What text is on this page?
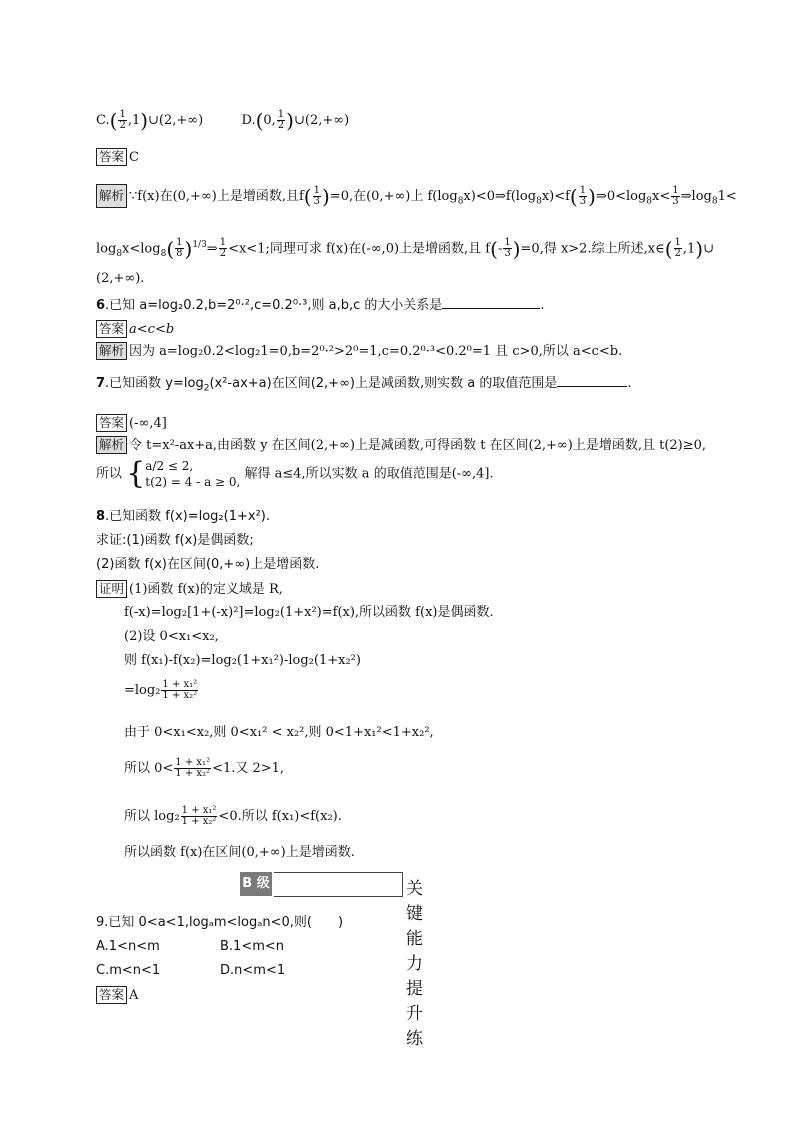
$C.( \frac{1}{2}$ ,1)∪(2,+∞)	D.(0, $\frac{1}{2}$ )∪(2,+∞)
答案 C
解析 ∵f(x)在(0,+∞)上是增函数,且$f( \frac{1}{3} )=0$,在(0,+∞)上 $f(\log_8x)<0\Rightarrow f(\log_8x)<f( \frac{1}{3}$ )$\Rightarrow 0<\log_8x< \frac{1}{3}$ $\Rightarrow\log_81<$
$\log_8x<\log_8( \frac{1}{8}$ )$^{1/3}\Rightarrow \frac{1}{2} <x<1$;同理可求 f(x)在(-∞,0)上是增函数,且 $f(- \frac{1}{3} )=0$,得 x>2.综上所述,x∈( $\frac{1}{2}$ ,1)∪
(2,+∞).
6.已知 a=log₂0.2,b=2⁰·²,c=0.2⁰·³,则 a,b,c 的大小关系是	.
答案 a<c<b
解析 因为 a=log₂0.2<log₂1=0,b=2⁰·²>2⁰=1,c=0.2⁰·³<0.2⁰=1 且 c>0,所以 a<c<b.
7.已知函数 $y=\log_2(x^2-ax+a)$在区间(2,+∞)上是减函数,则实数 a 的取值范围是	.
答案 (-∞,4]
解析 令 t=x²-ax+a,由函数 y 在区间(2,+∞)上是减函数,可得函数 t 在区间(2,+∞)上是增函数,且 t(2)≥0,
所以 { a/2 ≤ 2,
t(2) = 4 - a ≥ 0,
解得 a≤4,所以实数 a 的取值范围是(-∞,4].
8.已知函数 f(x)=log₂(1+x²).
求证:(1)函数 f(x)是偶函数;
(2)函数 f(x)在区间(0,+∞)上是增函数.
证明 (1)函数 f(x)的定义域是 R,
f(-x)=log₂[1+(-x)²]=log₂(1+x²)=f(x),所以函数 f(x)是偶函数.
(2)设 0<x₁<x₂,
则 f(x₁)-f(x₂)=log₂(1+x₁²)-log₂(1+x₂²)
$=\log_2 \frac{\text{1 + x₁²}}{\text{1 + x₂²}}$
由于 0<x₁<x₂,则 0<x₁² < x₂²,则 0<1+x₁²<1+x₂²,
所以 $0< \frac{\text{1 + x₁²}}{\text{1 + x₂²}} <1$.又 2>1,
所以 $\log_2 \frac{\text{1 + x₁²}}{\text{1 + x₂²}} <0$.所以 f(x₁)<f(x₂).
所以函数 f(x)在区间(0,+∞)上是增函数.
B 级	关键能力提升练
9.已知 0<a<1,logₐm<logₐn<0,则(　　)
A.1<n<m	B.1<m<n
C.m<n<1	D.n<m<1
答案 A
